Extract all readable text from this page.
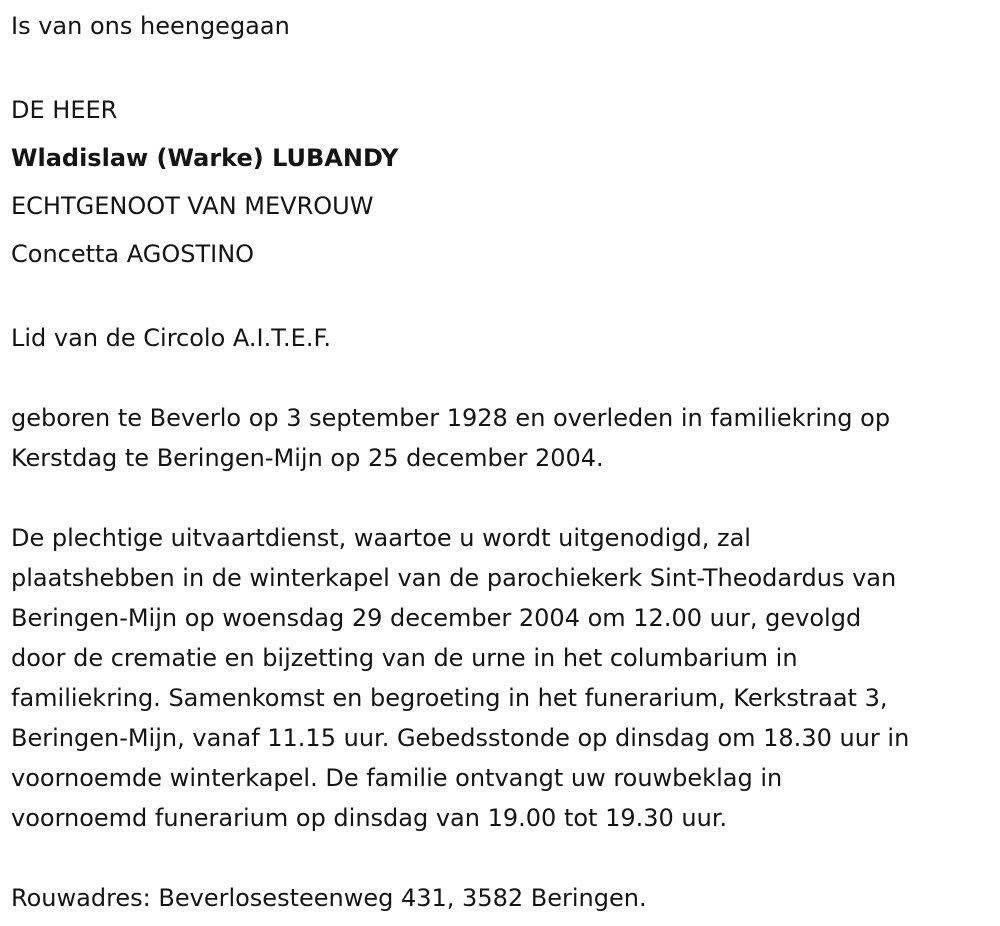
Is van ons heengegaan
DE HEER
Wladislaw (Warke) LUBANDY
ECHTGENOOT VAN MEVROUW
Concetta AGOSTINO
Lid van de Circolo A.I.T.E.F.
geboren te Beverlo op 3 september 1928 en overleden in familiekring op
Kerstdag te Beringen-Mijn op 25 december 2004.
De plechtige uitvaartdienst, waartoe u wordt uitgenodigd, zal
plaatshebben in de winterkapel van de parochiekerk Sint-Theodardus van
Beringen-Mijn op woensdag 29 december 2004 om 12.00 uur, gevolgd
door de crematie en bijzetting van de urne in het columbarium in
familiekring. Samenkomst en begroeting in het funerarium, Kerkstraat 3,
Beringen-Mijn, vanaf 11.15 uur. Gebedsstonde op dinsdag om 18.30 uur in
voornoemde winterkapel. De familie ontvangt uw rouwbeklag in
voornoemd funerarium op dinsdag van 19.00 tot 19.30 uur.
Rouwadres: Beverlosesteenweg 431, 3582 Beringen.
